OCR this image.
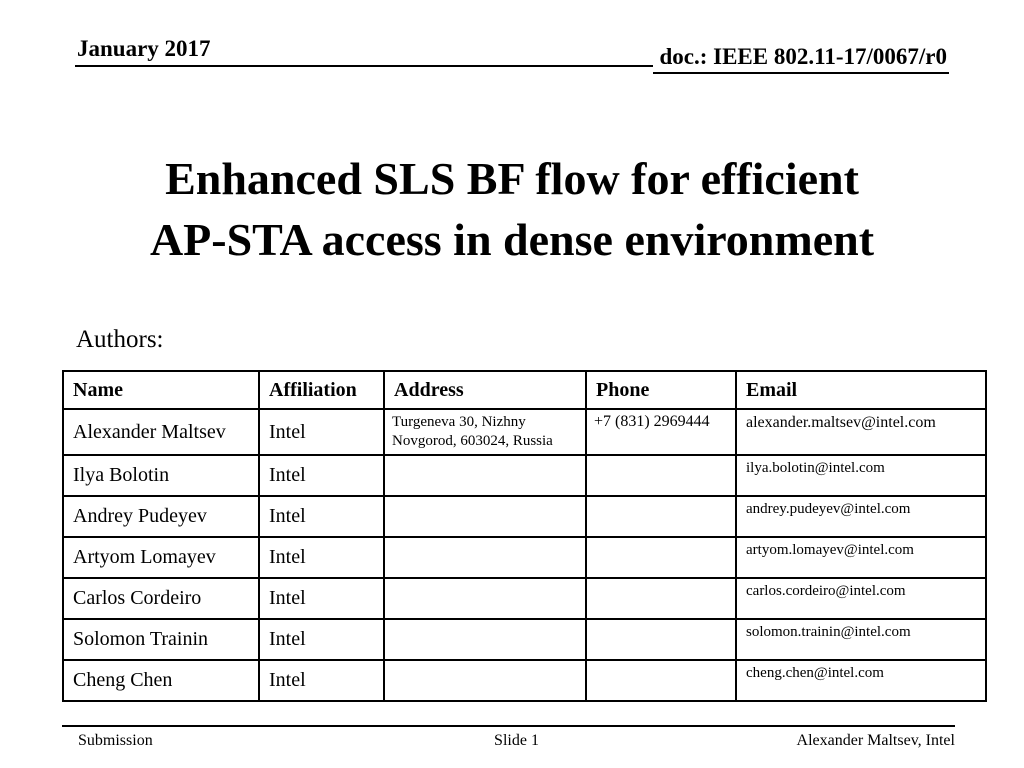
January 2017	doc.: IEEE 802.11-17/0067/r0
Enhanced SLS BF flow for efficient
AP-STA access in dense environment
Authors:
Name	Affiliation	Address	Phone	Email
Alexander Maltsev	Intel	Turgeneva 30, Nizhny Novgorod, 603024, Russia	+7 (831) 2969444	alexander.maltsev@intel.com
Ilya Bolotin	Intel			ilya.bolotin@intel.com
Andrey Pudeyev	Intel			andrey.pudeyev@intel.com
Artyom Lomayev	Intel			artyom.lomayev@intel.com
Carlos Cordeiro	Intel			carlos.cordeiro@intel.com
Solomon Trainin	Intel			solomon.trainin@intel.com
Cheng Chen	Intel			cheng.chen@intel.com
Submission	Slide 1	Alexander Maltsev, Intel
